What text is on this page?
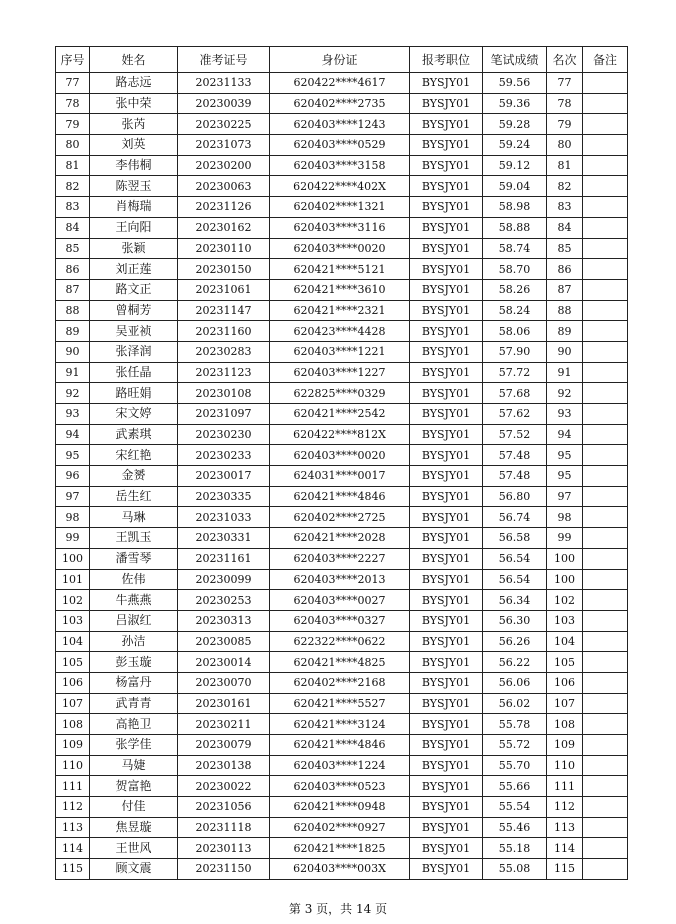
序号	姓名	准考证号	身份证	报考职位	笔试成绩	名次	备注
77	路志远	20231133	620422****4617	BYSJY01	59.56	77	
78	张中荣	20230039	620402****2735	BYSJY01	59.36	78	
79	张芮	20230225	620403****1243	BYSJY01	59.28	79	
80	刘英	20231073	620403****0529	BYSJY01	59.24	80	
81	李伟桐	20230200	620403****3158	BYSJY01	59.12	81	
82	陈翌玉	20230063	620422****402X	BYSJY01	59.04	82	
83	肖梅瑞	20231126	620402****1321	BYSJY01	58.98	83	
84	王向阳	20230162	620403****3116	BYSJY01	58.88	84	
85	张颖	20230110	620403****0020	BYSJY01	58.74	85	
86	刘正莲	20230150	620421****5121	BYSJY01	58.70	86	
87	路文正	20231061	620421****3610	BYSJY01	58.26	87	
88	曾桐芳	20231147	620421****2321	BYSJY01	58.24	88	
89	吴亚祯	20231160	620423****4428	BYSJY01	58.06	89	
90	张泽润	20230283	620403****1221	BYSJY01	57.90	90	
91	张任晶	20231123	620403****1227	BYSJY01	57.72	91	
92	路旺娟	20230108	622825****0329	BYSJY01	57.68	92	
93	宋文婷	20231097	620421****2542	BYSJY01	57.62	93	
94	武素琪	20230230	620422****812X	BYSJY01	57.52	94	
95	宋红艳	20230233	620403****0020	BYSJY01	57.48	95	
96	金赟	20230017	624031****0017	BYSJY01	57.48	95	
97	岳生红	20230335	620421****4846	BYSJY01	56.80	97	
98	马琳	20231033	620402****2725	BYSJY01	56.74	98	
99	王凯玉	20230331	620421****2028	BYSJY01	56.58	99	
100	潘雪琴	20231161	620403****2227	BYSJY01	56.54	100	
101	佐伟	20230099	620403****2013	BYSJY01	56.54	100	
102	牛燕燕	20230253	620403****0027	BYSJY01	56.34	102	
103	吕淑红	20230313	620403****0327	BYSJY01	56.30	103	
104	孙洁	20230085	622322****0622	BYSJY01	56.26	104	
105	彭玉璇	20230014	620421****4825	BYSJY01	56.22	105	
106	杨富丹	20230070	620402****2168	BYSJY01	56.06	106	
107	武青青	20230161	620421****5527	BYSJY01	56.02	107	
108	高艳卫	20230211	620421****3124	BYSJY01	55.78	108	
109	张学佳	20230079	620421****4846	BYSJY01	55.72	109	
110	马婕	20230138	620403****1224	BYSJY01	55.70	110	
111	贺富艳	20230022	620403****0523	BYSJY01	55.66	111	
112	付佳	20231056	620421****0948	BYSJY01	55.54	112	
113	焦昱璇	20231118	620402****0927	BYSJY01	55.46	113	
114	王世风	20230113	620421****1825	BYSJY01	55.18	114	
115	顾文震	20231150	620403****003X	BYSJY01	55.08	115	
第 3 页，共 14 页
